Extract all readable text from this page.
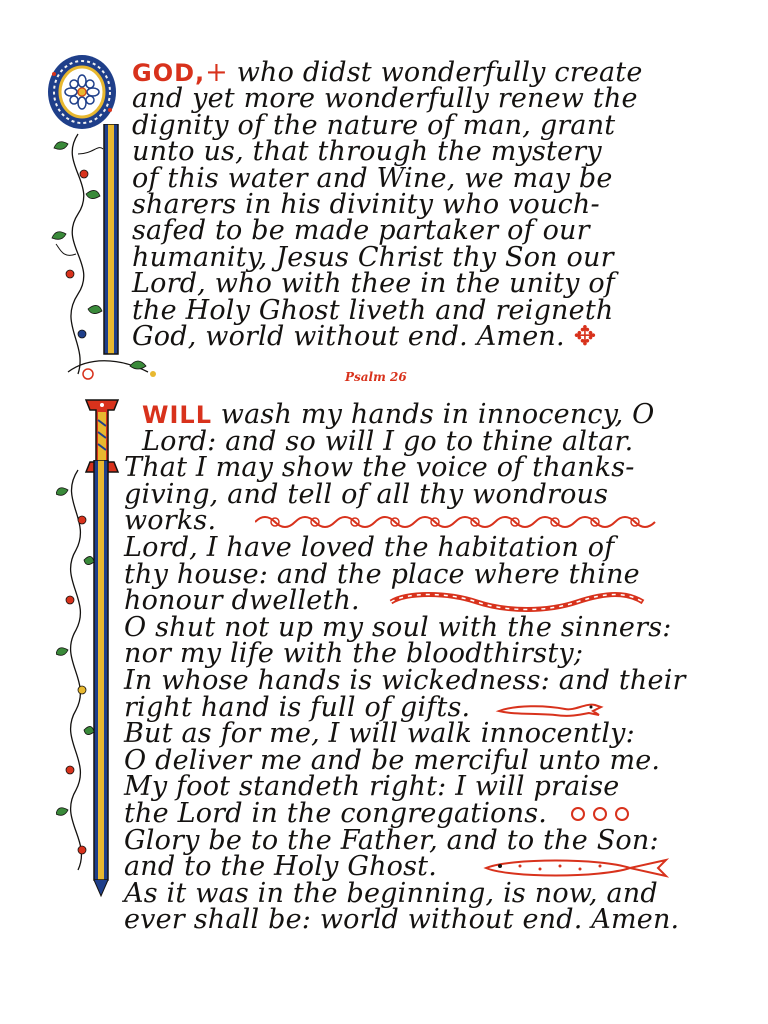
GOD,+ who didst wonderfully create
and yet more wonderfully renew the
dignity of the nature of man, grant
unto us, that through the mystery
of this water and Wine, we may be
sharers in his divinity who vouch-
safed to be made partaker of our
humanity, Jesus Christ thy Son our
Lord, who with thee in the unity of
the Holy Ghost liveth and reigneth
God, world without end. Amen. ✥
Psalm 26
WILL wash my hands in innocency, O
Lord: and so will I go to thine altar.
That I may show the voice of thanks-
giving, and tell of all thy wondrous
works.
Lord, I have loved the habitation of
thy house: and the place where thine
honour dwelleth.
O shut not up my soul with the sinners:
nor my life with the bloodthirsty;
In whose hands is wickedness: and their
right hand is full of gifts.
But as for me, I will walk innocently:
O deliver me and be merciful unto me.
My foot standeth right: I will praise
the Lord in the congregations.
Glory be to the Father, and to the Son:
and to the Holy Ghost.
As it was in the beginning, is now, and
ever shall be: world without end. Amen.
